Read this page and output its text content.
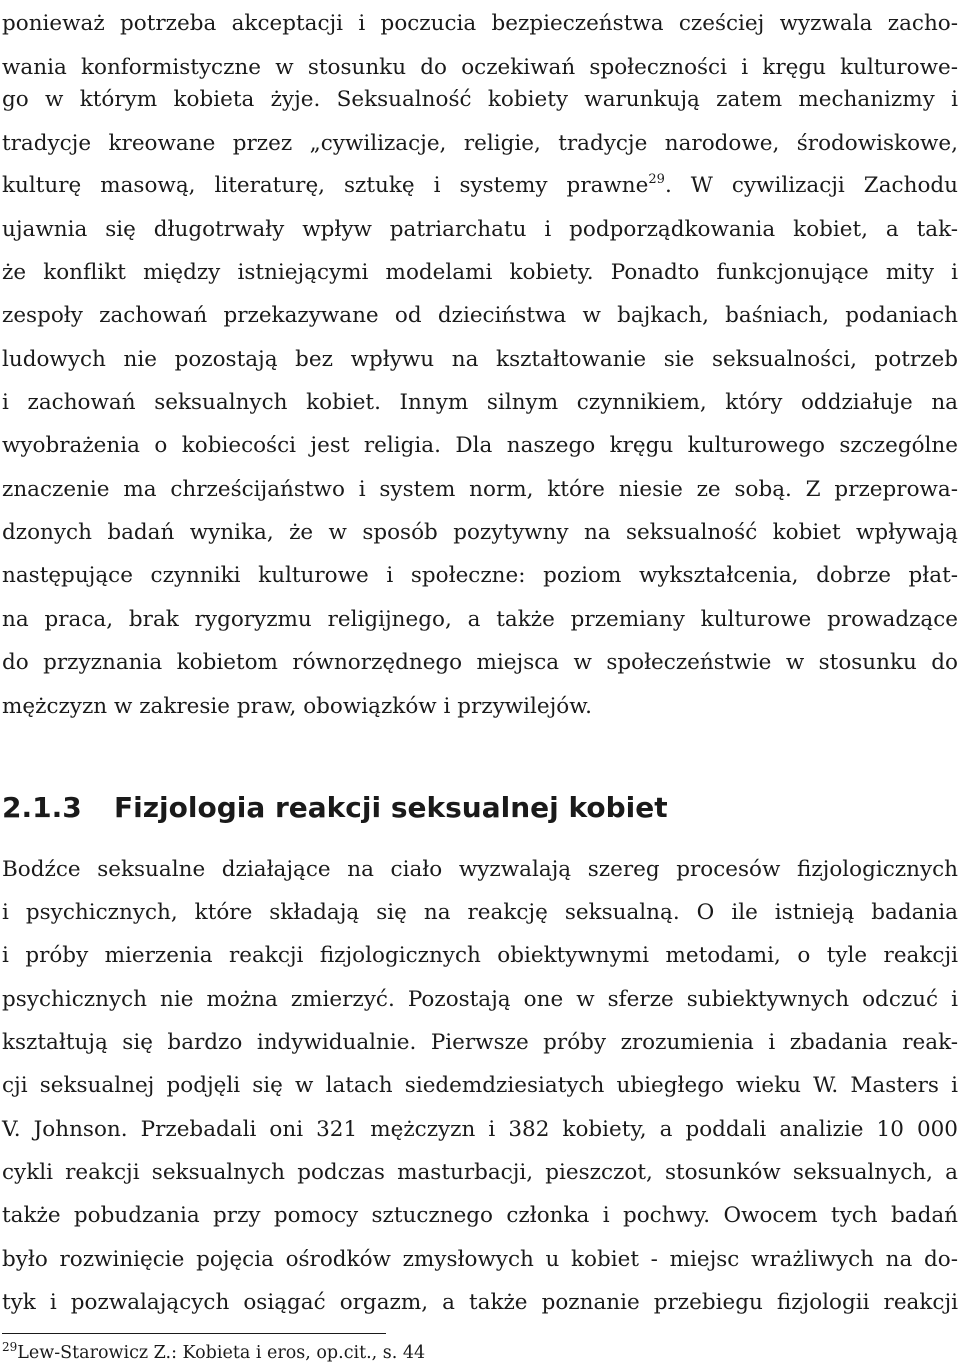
ponieważ potrzeba akceptacji i poczucia bezpieczeństwa cześciej wyzwala zacho-
wania konformistyczne w stosunku do oczekiwań społeczności i kręgu kulturowe-
go w którym kobieta żyje. Seksualność kobiety warunkują zatem mechanizmy i
tradycje kreowane przez „cywilizacje, religie, tradycje narodowe, środowiskowe,
kulturę masową, literaturę, sztukę i systemy prawne$^{29}$. W cywilizacji Zachodu
ujawnia się długotrwały wpływ patriarchatu i podporządkowania kobiet, a tak-
że konflikt między istniejącymi modelami kobiety. Ponadto funkcjonujące mity i
zespoły zachowań przekazywane od dzieciństwa w bajkach, baśniach, podaniach
ludowych nie pozostają bez wpływu na kształtowanie sie seksualności, potrzeb
i zachowań seksualnych kobiet. Innym silnym czynnikiem, który oddziałuje na
wyobrażenia o kobiecości jest religia. Dla naszego kręgu kulturowego szczególne
znaczenie ma chrześcijaństwo i system norm, które niesie ze sobą. Z przeprowa-
dzonych badań wynika, że w sposób pozytywny na seksualność kobiet wpływają
następujące czynniki kulturowe i społeczne: poziom wykształcenia, dobrze płat-
na praca, brak rygoryzmu religijnego, a także przemiany kulturowe prowadzące
do przyznania kobietom równorzędnego miejsca w społeczeństwie w stosunku do
mężczyzn w zakresie praw, obowiązków i przywilejów.
2.1.3 Fizjologia reakcji seksualnej kobiet
Bodźce seksualne działające na ciało wyzwalają szereg procesów fizjologicznych
i psychicznych, które składają się na reakcję seksualną. O ile istnieją badania
i próby mierzenia reakcji fizjologicznych obiektywnymi metodami, o tyle reakcji
psychicznych nie można zmierzyć. Pozostają one w sferze subiektywnych odczuć i
kształtują się bardzo indywidualnie. Pierwsze próby zrozumienia i zbadania reak-
cji seksualnej podjęli się w latach siedemdziesiatych ubiegłego wieku W. Masters i
V. Johnson. Przebadali oni 321 mężczyzn i 382 kobiety, a poddali analizie 10 000
cykli reakcji seksualnych podczas masturbacji, pieszczot, stosunków seksualnych, a
także pobudzania przy pomocy sztucznego członka i pochwy. Owocem tych badań
było rozwinięcie pojęcia ośrodków zmysłowych u kobiet - miejsc wrażliwych na do-
tyk i pozwalających osiągać orgazm, a także poznanie przebiegu fizjologii reakcji
$^{29}$Lew-Starowicz Z.: Kobieta i eros, op.cit., s. 44
